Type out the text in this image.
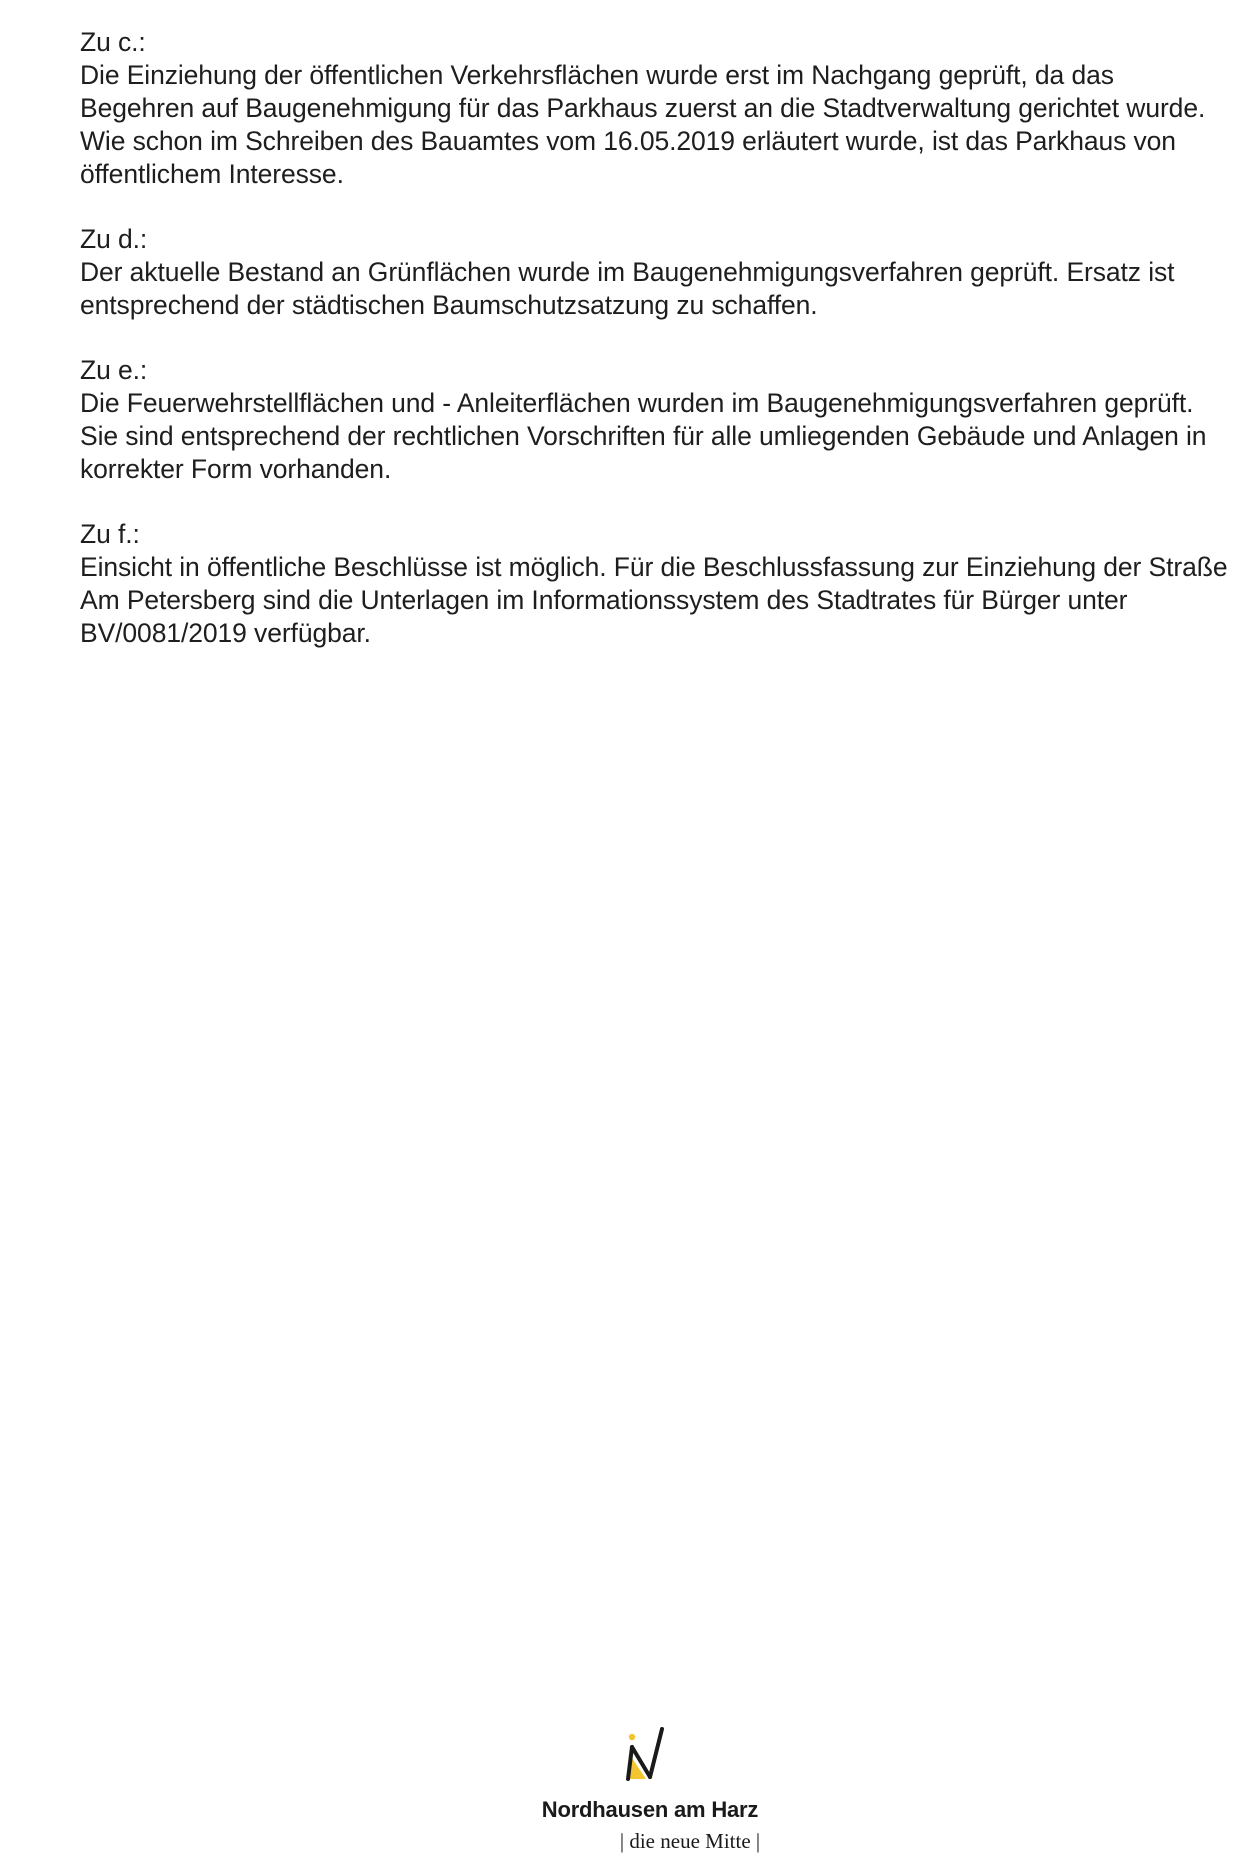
Zu c.:
Die Einziehung der öffentlichen Verkehrsflächen wurde erst im Nachgang geprüft, da das
Begehren auf Baugenehmigung für das Parkhaus zuerst an die Stadtverwaltung gerichtet wurde.
Wie schon im Schreiben des Bauamtes vom 16.05.2019 erläutert wurde, ist das Parkhaus von
öffentlichem Interesse.
Zu d.:
Der aktuelle Bestand an Grünflächen wurde im Baugenehmigungsverfahren geprüft. Ersatz ist
entsprechend der städtischen Baumschutzsatzung zu schaffen.
Zu e.:
Die Feuerwehrstellflächen und - Anleiterflächen wurden im Baugenehmigungsverfahren geprüft.
Sie sind entsprechend der rechtlichen Vorschriften für alle umliegenden Gebäude und Anlagen in
korrekter Form vorhanden.
Zu f.:
Einsicht in öffentliche Beschlüsse ist möglich. Für die Beschlussfassung zur Einziehung der Straße
Am Petersberg sind die Unterlagen im Informationssystem des Stadtrates für Bürger unter
BV/0081/2019 verfügbar.
Nordhausen am Harz
| die neue Mitte |
